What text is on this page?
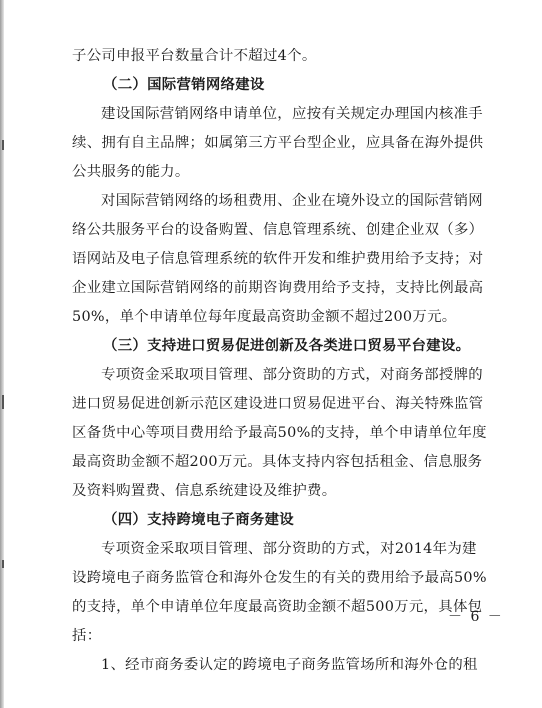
子公司申报平台数量合计不超过4个。
（二）国际营销网络建设
建设国际营销网络申请单位，应按有关规定办理国内核准手
续、拥有自主品牌；如属第三方平台型企业，应具备在海外提供
公共服务的能力。
对国际营销网络的场租费用、企业在境外设立的国际营销网
络公共服务平台的设备购置、信息管理系统、创建企业双（多）
语网站及电子信息管理系统的软件开发和维护费用给予支持；对
企业建立国际营销网络的前期咨询费用给予支持，支持比例最高
50%，单个申请单位每年度最高资助金额不超过200万元。
（三）支持进口贸易促进创新及各类进口贸易平台建设。
专项资金采取项目管理、部分资助的方式，对商务部授牌的
进口贸易促进创新示范区建设进口贸易促进平台、海关特殊监管
区备货中心等项目费用给予最高50%的支持，单个申请单位年度
最高资助金额不超200万元。具体支持内容包括租金、信息服务
及资料购置费、信息系统建设及维护费。
（四）支持跨境电子商务建设
专项资金采取项目管理、部分资助的方式，对2014年为建
设跨境电子商务监管仓和海外仓发生的有关的费用给予最高50%
的支持，单个申请单位年度最高资助金额不超500万元，具体包
括：
1、经市商务委认定的跨境电子商务监管场所和海外仓的租
－ 6 －
